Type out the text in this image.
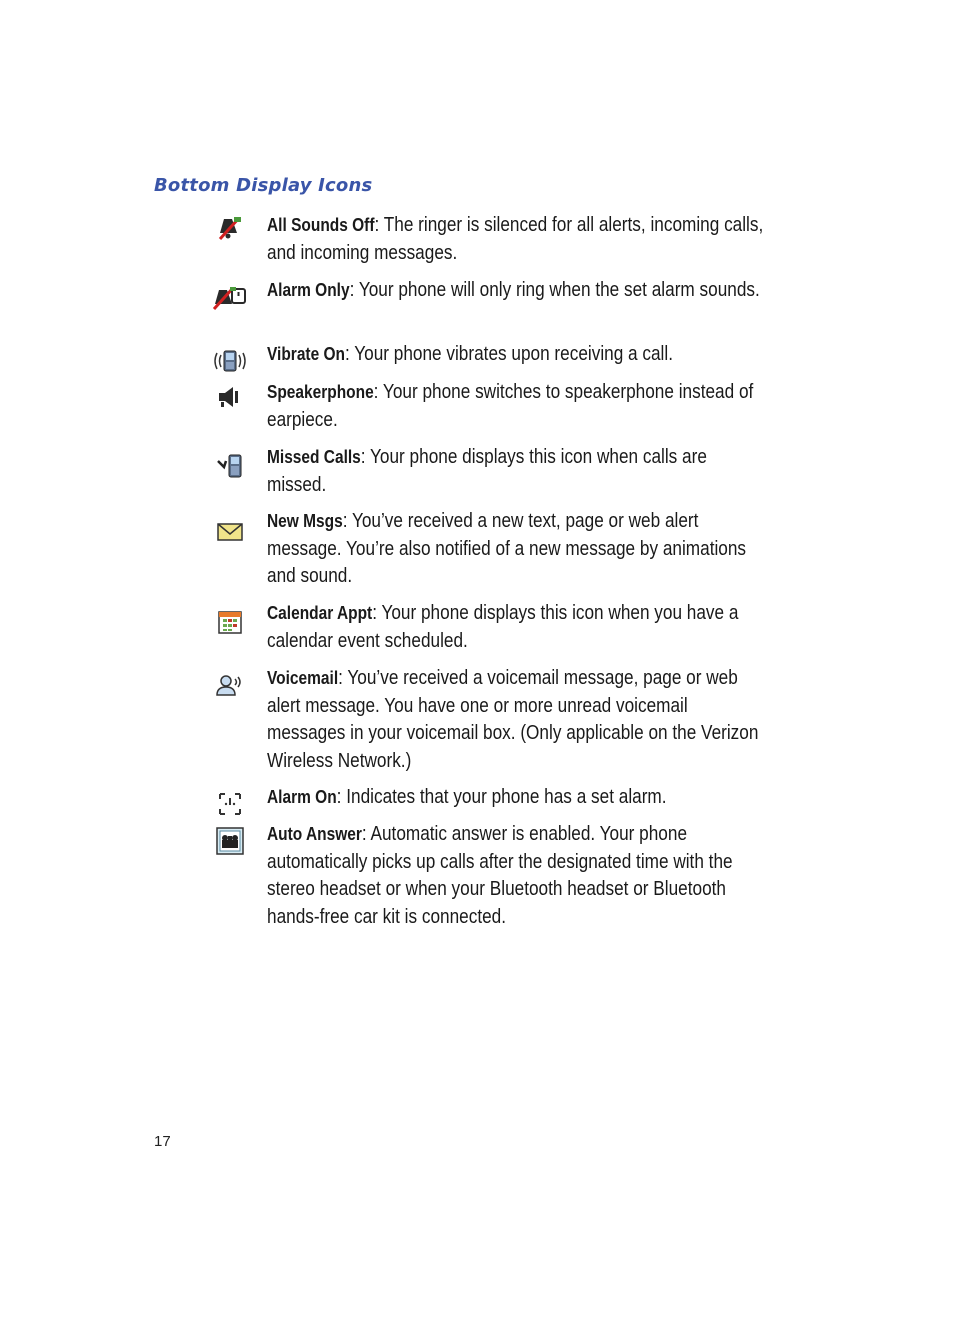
Bottom Display Icons
All Sounds Off: The ringer is silenced for all alerts, incoming calls, and incoming messages.
Alarm Only: Your phone will only ring when the set alarm sounds.
Vibrate On: Your phone vibrates upon receiving a call.
Speakerphone: Your phone switches to speakerphone instead of earpiece.
Missed Calls: Your phone displays this icon when calls are missed.
New Msgs: You’ve received a new text, page or web alert message. You’re also notified of a new message by animations and sound.
Calendar Appt: Your phone displays this icon when you have a calendar event scheduled.
Voicemail: You’ve received a voicemail message, page or web alert message. You have one or more unread voicemail messages in your voicemail box. (Only applicable on the Verizon Wireless Network.)
Alarm On: Indicates that your phone has a set alarm.
Auto Answer: Automatic answer is enabled. Your phone automatically picks up calls after the designated time with the stereo headset or when your Bluetooth headset or Bluetooth hands-free car kit is connected.
17
